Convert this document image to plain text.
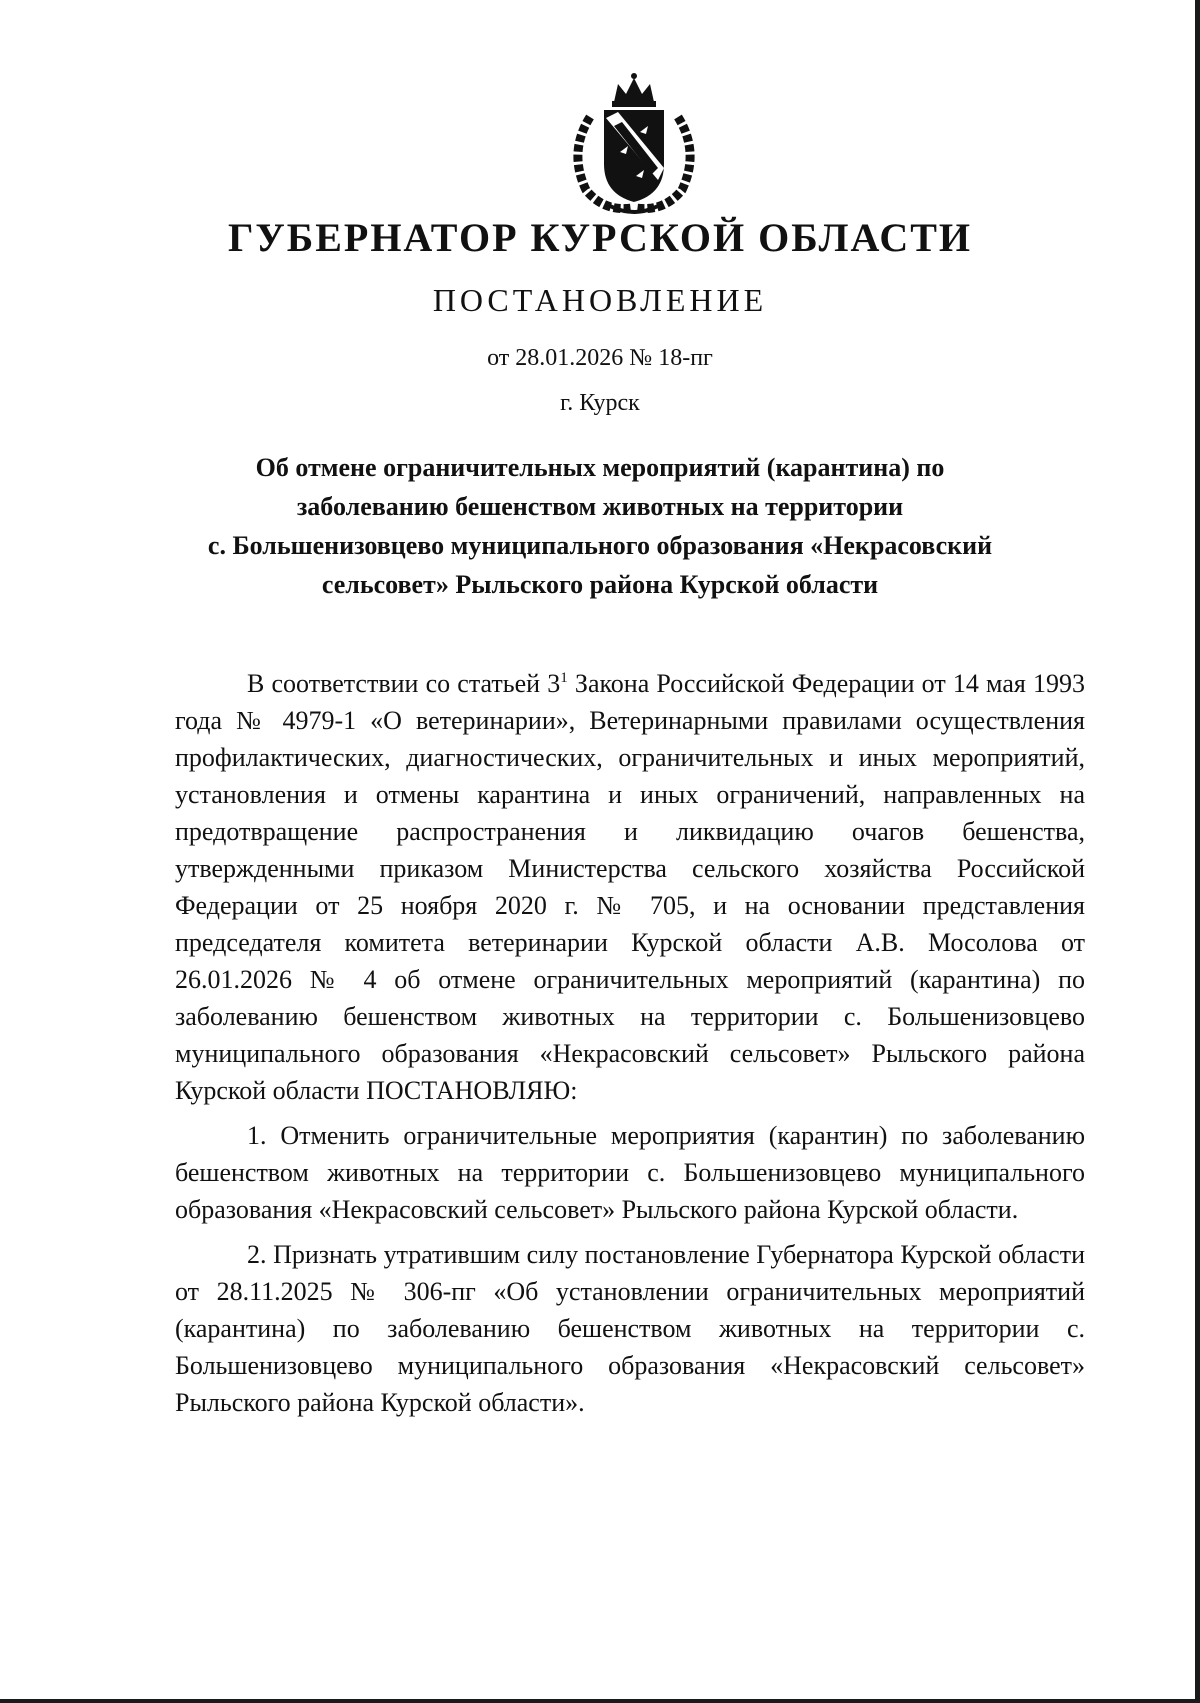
ГУБЕРНАТОР КУРСКОЙ ОБЛАСТИ
ПОСТАНОВЛЕНИЕ
от 28.01.2026 № 18-пг
г. Курск
Об отмене ограничительных мероприятий (карантина) по
заболеванию бешенством животных на территории
с. Большенизовцево муниципального образования «Некрасовский
сельсовет» Рыльского района Курской области

В соответствии со статьей $3^1$ Закона Российской Федерации от 14 мая 1993 года № 4979-1 «О ветеринарии», Ветеринарными правилами осуществления профилактических, диагностических, ограничительных и иных мероприятий, установления и отмены карантина и иных ограничений, направленных на предотвращение распространения и ликвидацию очагов бешенства, утвержденными приказом Министерства сельского хозяйства Российской Федерации от 25 ноября 2020 г. № 705, и на основании представления председателя комитета ветеринарии Курской области А.В. Мосолова от 26.01.2026 № 4 об отмене ограничительных мероприятий (карантина) по заболеванию бешенством животных на территории с. Большенизовцево муниципального образования «Некрасовский сельсовет» Рыльского района Курской области ПОСТАНОВЛЯЮ:

1. Отменить ограничительные мероприятия (карантин) по заболеванию бешенством животных на территории с. Большенизовцево муниципального образования «Некрасовский сельсовет» Рыльского района Курской области.

2. Признать утратившим силу постановление Губернатора Курской области от 28.11.2025 № 306-пг «Об установлении ограничительных мероприятий (карантина) по заболеванию бешенством животных на территории с. Большенизовцево муниципального образования «Некрасовский сельсовет» Рыльского района Курской области».
